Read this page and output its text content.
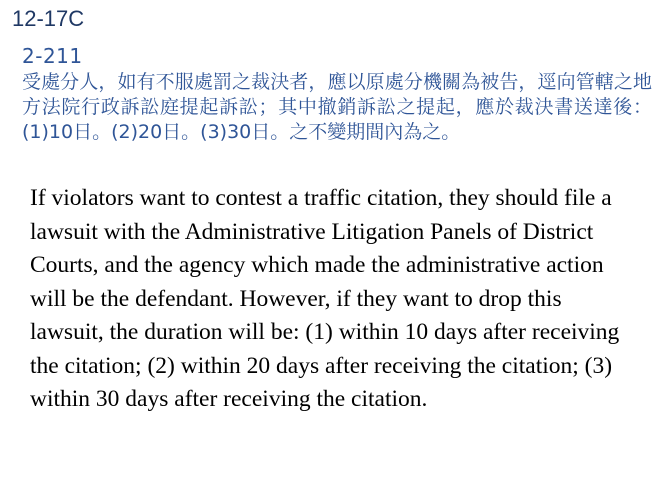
12-17C
2-211
受處分人，如有不服處罰之裁決者，應以原處分機關為被告，逕向管轄之地方法院行政訴訟庭提起訴訟；其中撤銷訴訟之提起，應於裁決書送達後：(1)10日。(2)20日。(3)30日。之不變期間內為之。
If violators want to contest a traffic citation, they should file a lawsuit with the Administrative Litigation Panels of District Courts, and the agency which made the administrative action will be the defendant. However, if they want to drop this lawsuit, the duration will be: (1) within 10 days after receiving the citation; (2) within 20 days after receiving the citation; (3) within 30 days after receiving the citation.
